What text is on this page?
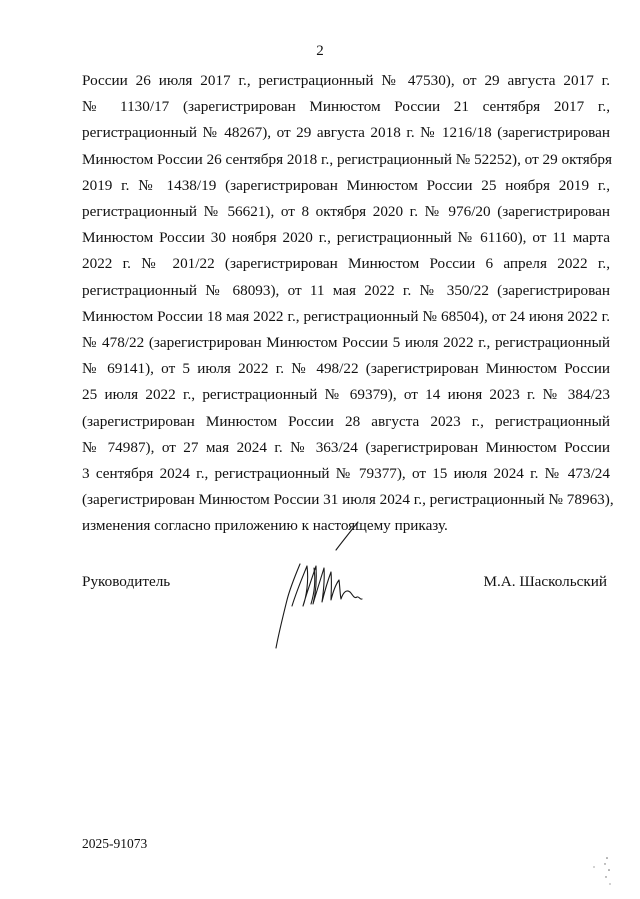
2
России 26 июля 2017 г., регистрационный № 47530), от 29 августа 2017 г.
№ 1130/17 (зарегистрирован Минюстом России 21 сентября 2017 г.,
регистрационный № 48267), от 29 августа 2018 г. № 1216/18 (зарегистрирован
Минюстом России 26 сентября 2018 г., регистрационный № 52252), от 29 октября
2019 г. № 1438/19 (зарегистрирован Минюстом России 25 ноября 2019 г.,
регистрационный № 56621), от 8 октября 2020 г. № 976/20 (зарегистрирован
Минюстом России 30 ноября 2020 г., регистрационный № 61160), от 11 марта
2022 г. № 201/22 (зарегистрирован Минюстом России 6 апреля 2022 г.,
регистрационный № 68093), от 11 мая 2022 г. № 350/22 (зарегистрирован
Минюстом России 18 мая 2022 г., регистрационный № 68504), от 24 июня 2022 г.
№ 478/22 (зарегистрирован Минюстом России 5 июля 2022 г., регистрационный
№ 69141), от 5 июля 2022 г. № 498/22 (зарегистрирован Минюстом России
25 июля 2022 г., регистрационный № 69379), от 14 июня 2023 г. № 384/23
(зарегистрирован Минюстом России 28 августа 2023 г., регистрационный
№ 74987), от 27 мая 2024 г. № 363/24 (зарегистрирован Минюстом России
3 сентября 2024 г., регистрационный № 79377), от 15 июля 2024 г. № 473/24
(зарегистрирован Минюстом России 31 июля 2024 г., регистрационный № 78963),
изменения согласно приложению к настоящему приказу.
Руководитель	М.А. Шаскольский
2025-91073
